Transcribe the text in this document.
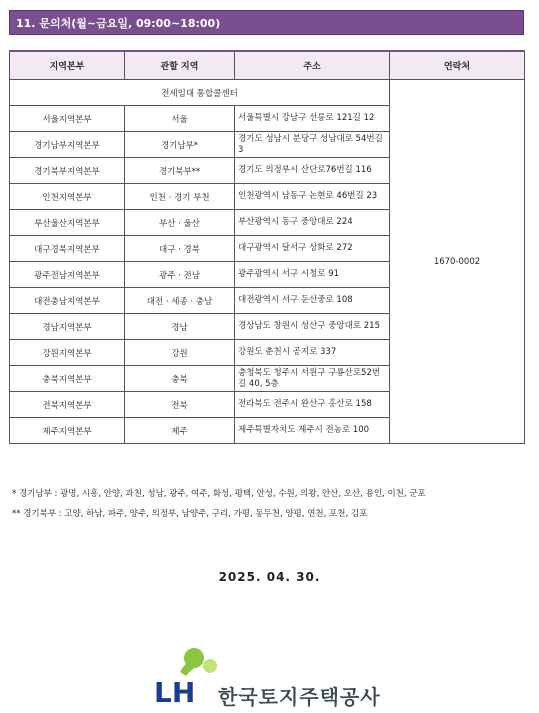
11. 문의처(월~금요일, 09:00~18:00)
지역본부	관할 지역	주소	연락처
전세임대 통합콜센터			1670-0002
서울지역본부	서울	서울특별시 강남구 선릉로 121길 12	
경기남부지역본부	경기남부*	경기도 성남시 분당구 성남대로 54번길 3	
경기북부지역본부	경기북부**	경기도 의정부시 산단로76번길 116	
인천지역본부	인천 · 경기 부천	인천광역시 남동구 논현로 46번길 23	
부산울산지역본부	부산 · 울산	부산광역시 동구 중앙대로 224	
대구경북지역본부	대구 · 경북	대구광역시 달서구 상화로 272	
광주전남지역본부	광주 · 전남	광주광역시 서구 시청로 91	
대전충남지역본부	대전 · 세종 · 충남	대전광역시 서구 둔산중로 108	
경남지역본부	경남	경상남도 창원시 성산구 중앙대로 215	
강원지역본부	강원	강원도 춘천시 공지로 337	
충북지역본부	충북	충청북도 청주시 서원구 구룡산로52번길 40, 5층	
전북지역본부	전북	전라북도 전주시 완산구 홍산로 158	
제주지역본부	제주	제주특별자치도 제주시 전농로 100	
* 경기남부 : 광명, 시흥, 안양, 과천, 성남, 광주, 여주, 화성, 평택, 안성, 수원, 의왕, 안산, 오산, 용인, 이천, 군포
** 경기북부 : 고양, 하남, 파주, 양주, 의정부, 남양주, 구리, 가평, 동두천, 양평, 연천, 포천, 김포
2025. 04. 30.
LH 한국토지주택공사
